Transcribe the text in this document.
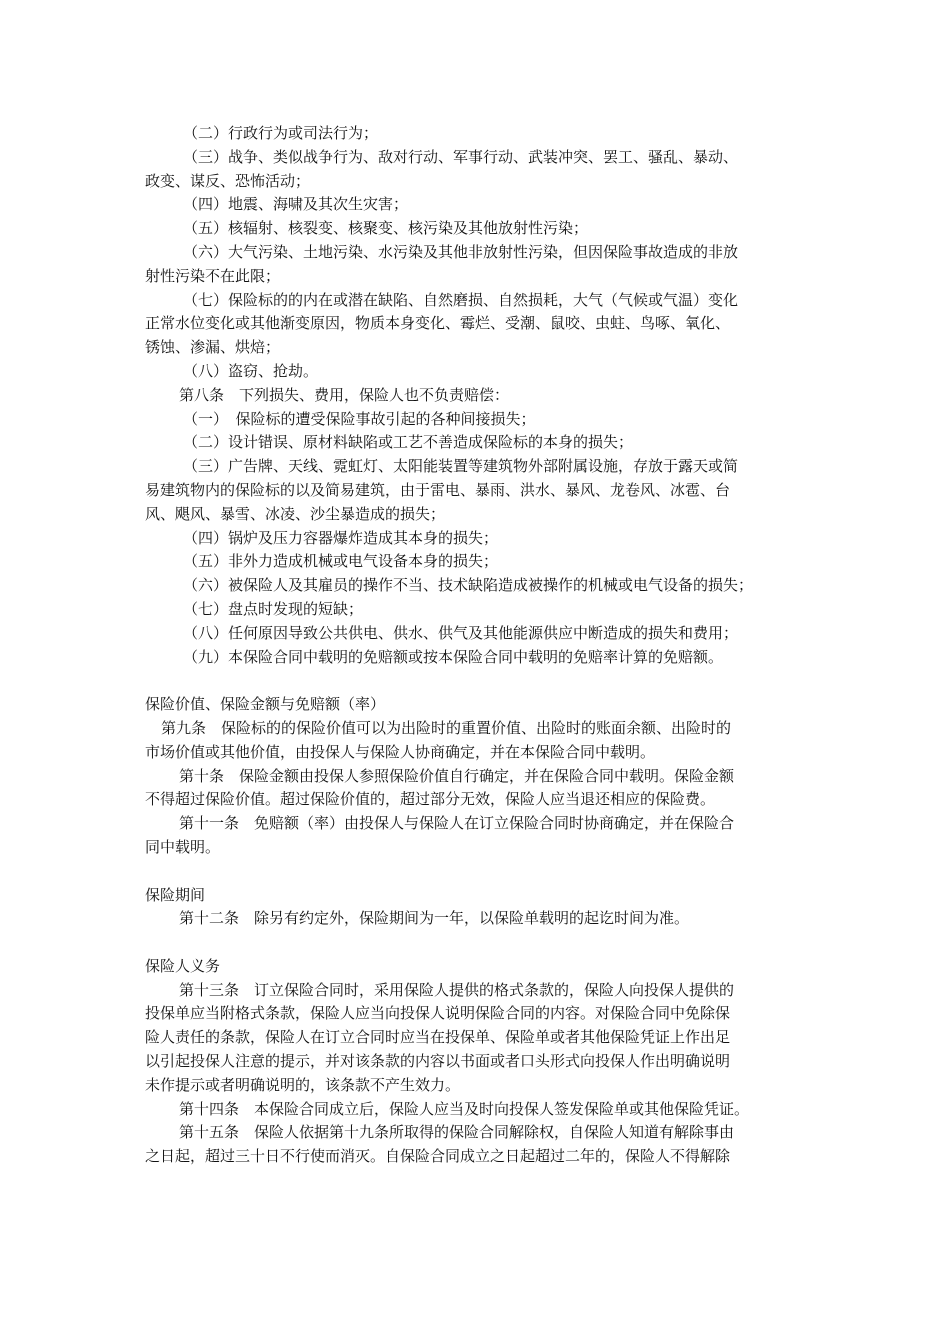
（二）行政行为或司法行为；

（三）战争、类似战争行为、敌对行动、军事行动、武装冲突、罢工、骚乱、暴动、

政变、谋反、恐怖活动；

（四）地震、海啸及其次生灾害；

（五）核辐射、核裂变、核聚变、核污染及其他放射性污染；

（六）大气污染、土地污染、水污染及其他非放射性污染，但因保险事故造成的非放

射性污染不在此限；

（七）保险标的的内在或潜在缺陷、自然磨损、自然损耗，大气（气候或气温）变化

正常水位变化或其他渐变原因，物质本身变化、霉烂、受潮、鼠咬、虫蛀、鸟啄、氧化、

锈蚀、渗漏、烘焙；

（八）盗窃、抢劫。

第八条　下列损失、费用，保险人也不负责赔偿：

（一）　保险标的遭受保险事故引起的各种间接损失；

（二）设计错误、原材料缺陷或工艺不善造成保险标的本身的损失；

（三）广告牌、天线、霓虹灯、太阳能装置等建筑物外部附属设施，存放于露天或简

易建筑物内的保险标的以及简易建筑，由于雷电、暴雨、洪水、暴风、龙卷风、冰雹、台

风、飓风、暴雪、冰凌、沙尘暴造成的损失；

（四）锅炉及压力容器爆炸造成其本身的损失；

（五）非外力造成机械或电气设备本身的损失；

（六）被保险人及其雇员的操作不当、技术缺陷造成被操作的机械或电气设备的损失；

（七）盘点时发现的短缺；

（八）任何原因导致公共供电、供水、供气及其他能源供应中断造成的损失和费用；

（九）本保险合同中载明的免赔额或按本保险合同中载明的免赔率计算的免赔额。

保险价值、保险金额与免赔额（率）

第九条　保险标的的保险价值可以为出险时的重置价值、出险时的账面余额、出险时的

市场价值或其他价值，由投保人与保险人协商确定，并在本保险合同中载明。

第十条　保险金额由投保人参照保险价值自行确定，并在保险合同中载明。保险金额

不得超过保险价值。超过保险价值的，超过部分无效，保险人应当退还相应的保险费。

第十一条　免赔额（率）由投保人与保险人在订立保险合同时协商确定，并在保险合

同中载明。

保险期间

第十二条　除另有约定外，保险期间为一年，以保险单载明的起讫时间为准。

保险人义务

第十三条　订立保险合同时，采用保险人提供的格式条款的，保险人向投保人提供的

投保单应当附格式条款，保险人应当向投保人说明保险合同的内容。对保险合同中免除保

险人责任的条款，保险人在订立合同时应当在投保单、保险单或者其他保险凭证上作出足

以引起投保人注意的提示，并对该条款的内容以书面或者口头形式向投保人作出明确说明

未作提示或者明确说明的，该条款不产生效力。

第十四条　本保险合同成立后，保险人应当及时向投保人签发保险单或其他保险凭证。

第十五条　保险人依据第十九条所取得的保险合同解除权，自保险人知道有解除事由

之日起，超过三十日不行使而消灭。自保险合同成立之日起超过二年的，保险人不得解除
